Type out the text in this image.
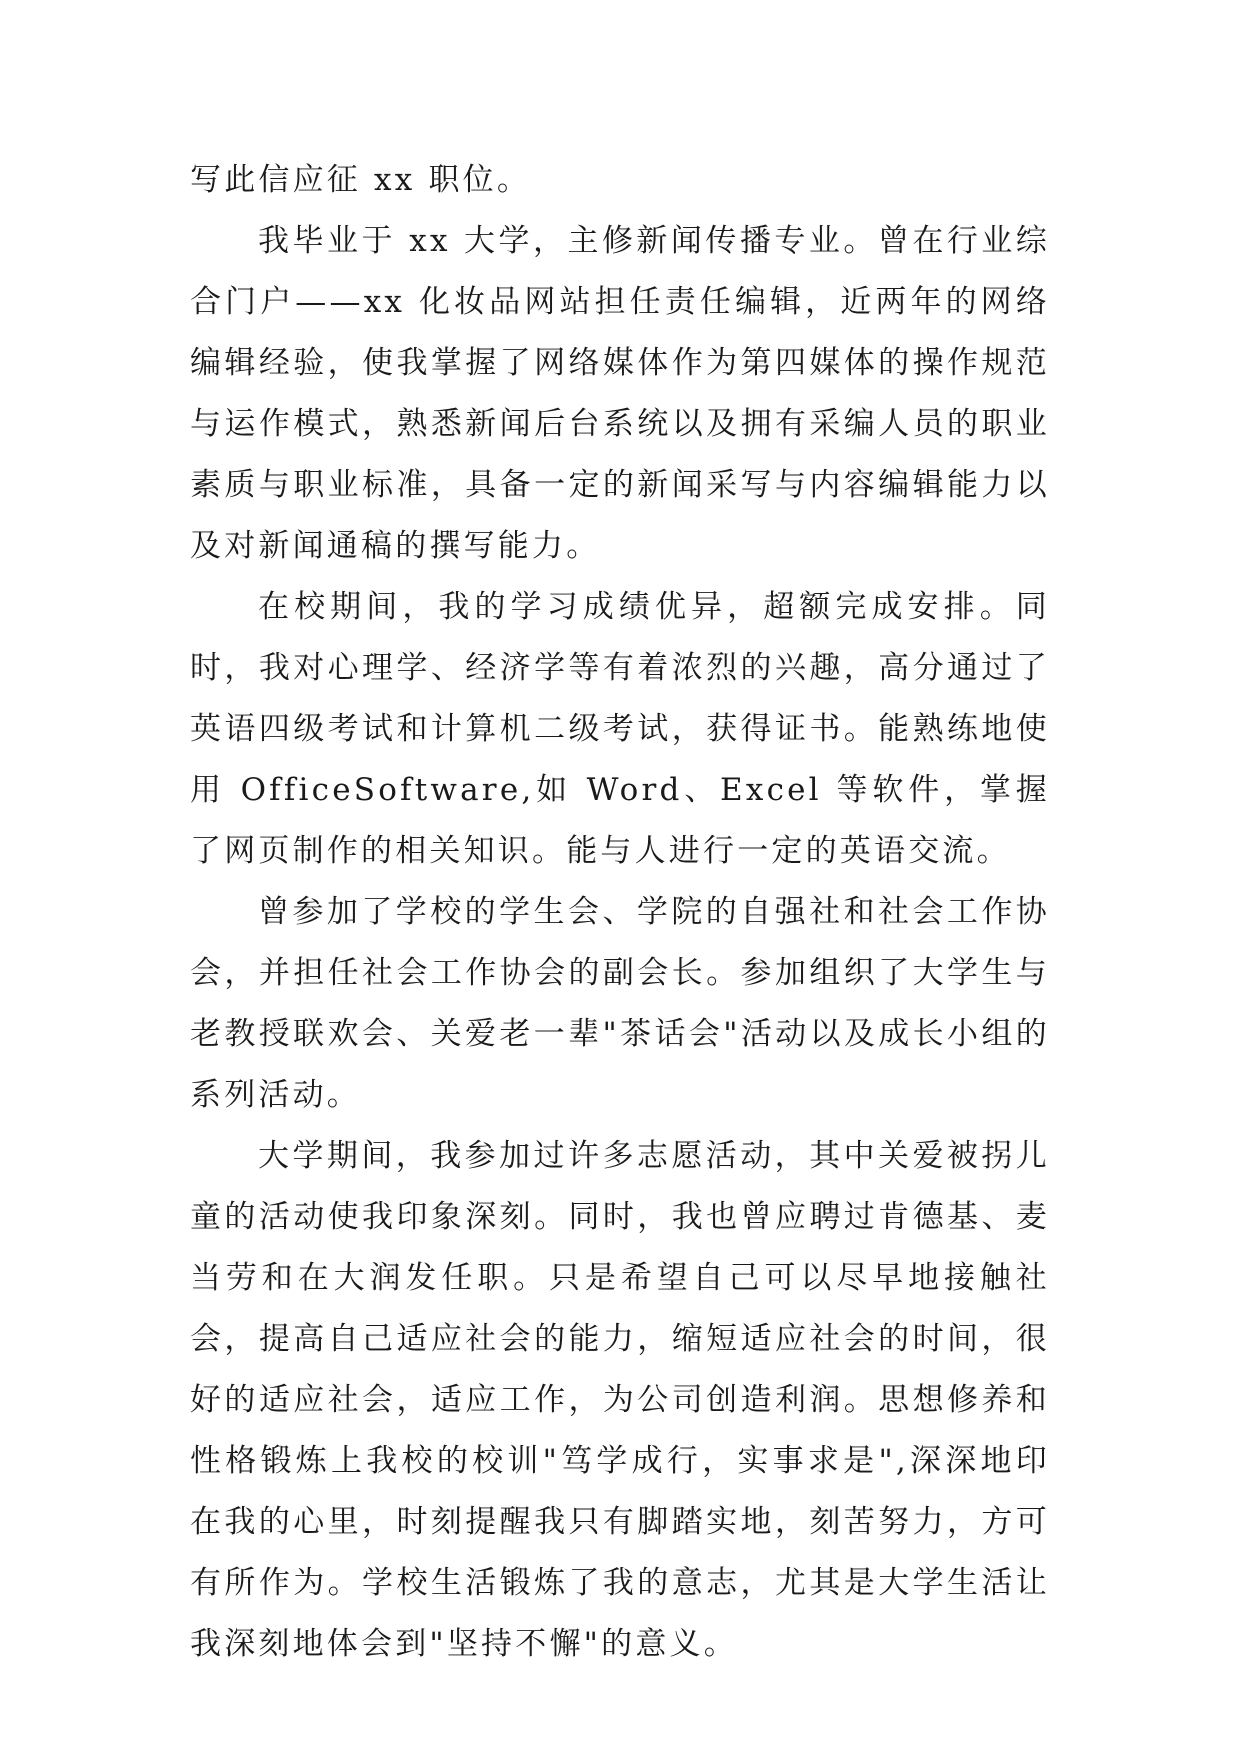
写此信应征 xx 职位。

我毕业于 xx 大学，主修新闻传播专业。曾在行业综合门户——xx 化妆品网站担任责任编辑，近两年的网络编辑经验，使我掌握了网络媒体作为第四媒体的操作规范与运作模式，熟悉新闻后台系统以及拥有采编人员的职业素质与职业标准，具备一定的新闻采写与内容编辑能力以及对新闻通稿的撰写能力。

在校期间，我的学习成绩优异，超额完成安排。同时，我对心理学、经济学等有着浓烈的兴趣，高分通过了英语四级考试和计算机二级考试，获得证书。能熟练地使用 OfficeSoftware,如 Word、Excel 等软件，掌握了网页制作的相关知识。能与人进行一定的英语交流。

曾参加了学校的学生会、学院的自强社和社会工作协会，并担任社会工作协会的副会长。参加组织了大学生与老教授联欢会、关爱老一辈"茶话会"活动以及成长小组的系列活动。

大学期间，我参加过许多志愿活动，其中关爱被拐儿童的活动使我印象深刻。同时，我也曾应聘过肯德基、麦当劳和在大润发任职。只是希望自己可以尽早地接触社会，提高自己适应社会的能力，缩短适应社会的时间，很好的适应社会，适应工作，为公司创造利润。思想修养和性格锻炼上我校的校训"笃学成行，实事求是",深深地印在我的心里，时刻提醒我只有脚踏实地，刻苦努力，方可有所作为。学校生活锻炼了我的意志，尤其是大学生活让我深刻地体会到"坚持不懈"的意义。
